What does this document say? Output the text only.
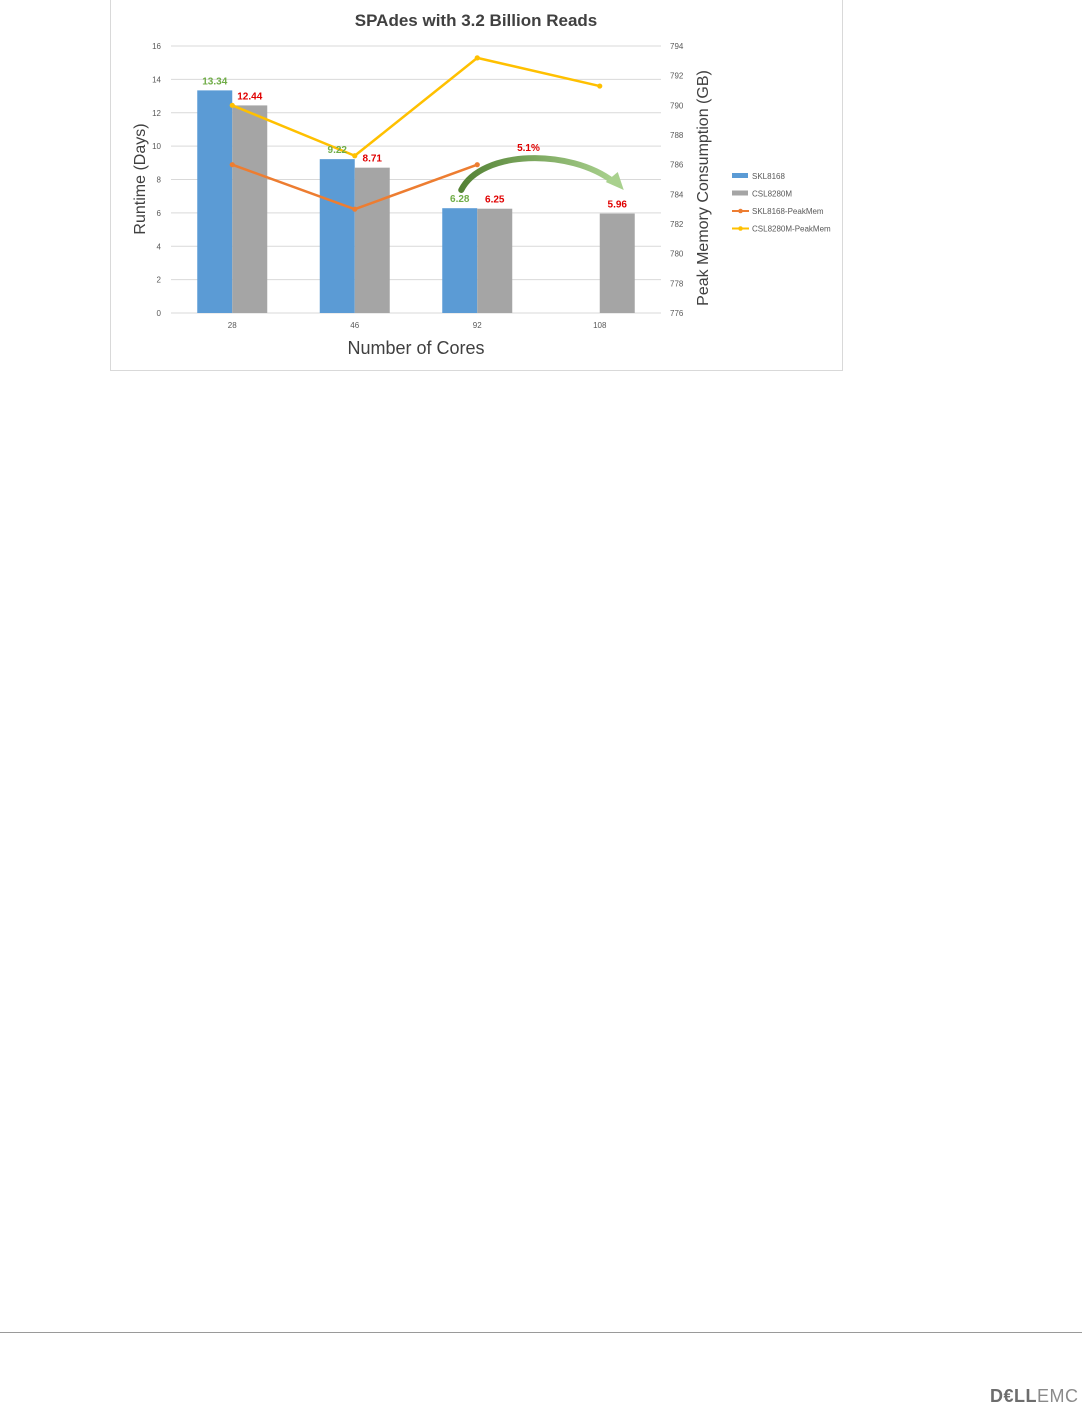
SPAdes with 3.2 Billion Reads
0
2
4
6
8
10
12
14
16
776
778
780
782
784
786
788
790
792
794
28	46	92	108
5.1%
13.34
9.22
6.28
12.44
8.71
6.25	5.96
Number of Cores
Runtime (Days)	Peak Memory Consumption (GB)	SKL8168
CSL8280M
SKL8168-PeakMem
CSL8280M-PeakMem
D€LLEMC
